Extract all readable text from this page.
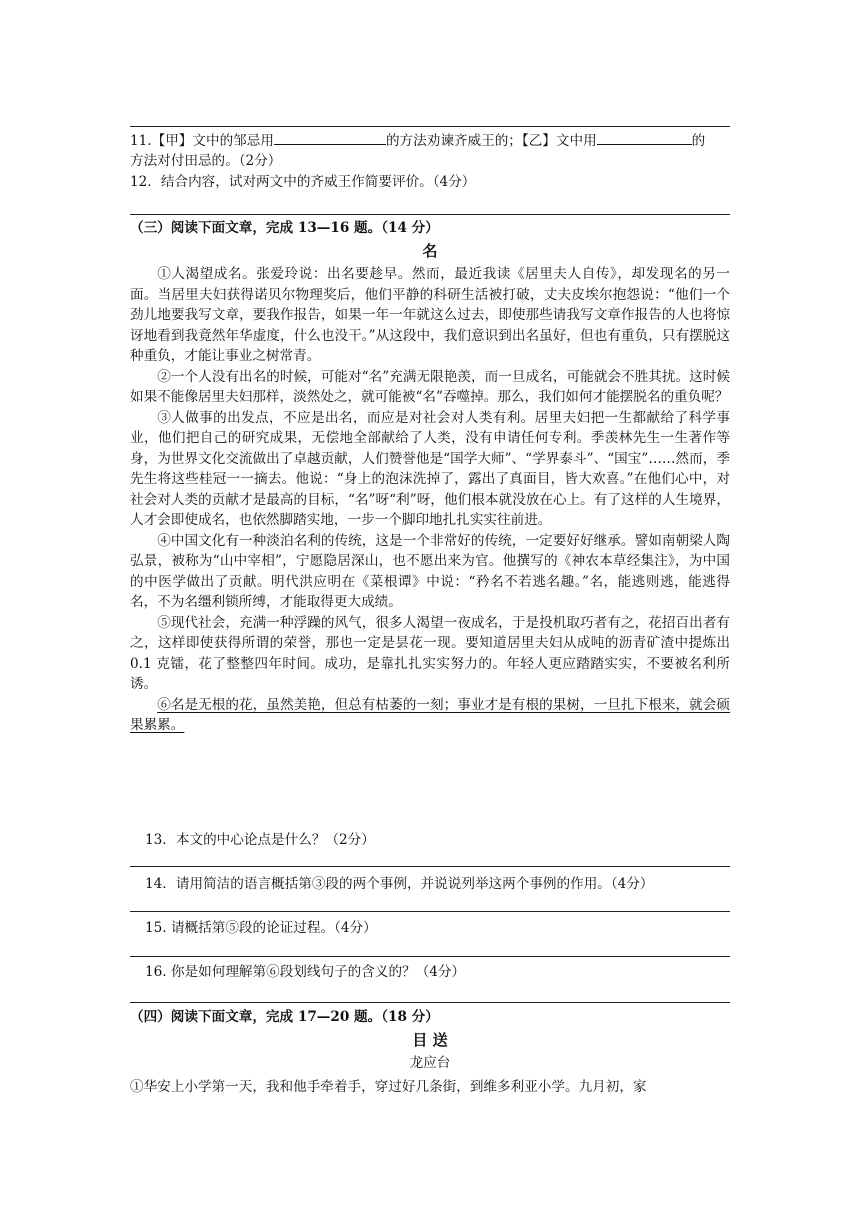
11.【甲】文中的邹忌用	的方法劝谏齐威王的；【乙】文中用	的
方法对付田忌的。（2分）
12．结合内容，试对两文中的齐威王作简要评价。（4分）
（三）阅读下面文章，完成 13—16 题。（14 分）
名

①人渴望成名。张爱玲说：出名要趁早。然而，最近我读《居里夫人自传》，却发现名的另一面。当居里夫妇获得诺贝尔物理奖后，他们平静的科研生活被打破，丈夫皮埃尔抱怨说：“他们一个劲儿地要我写文章，要我作报告，如果一年一年就这么过去，即使那些请我写文章作报告的人也将惊讶地看到我竟然年华虚度，什么也没干。”从这段中，我们意识到出名虽好，但也有重负，只有摆脱这种重负，才能让事业之树常青。

②一个人没有出名的时候，可能对“名”充满无限艳羡，而一旦成名，可能就会不胜其扰。这时候如果不能像居里夫妇那样，淡然处之，就可能被“名”吞噬掉。那么，我们如何才能摆脱名的重负呢？

③人做事的出发点，不应是出名，而应是对社会对人类有利。居里夫妇把一生都献给了科学事业，他们把自己的研究成果，无偿地全部献给了人类，没有申请任何专利。季羡林先生一生著作等身，为世界文化交流做出了卓越贡献，人们赞誉他是“国学大师”、“学界泰斗”、“国宝”……然而，季先生将这些桂冠一一摘去。他说：“身上的泡沫洗掉了，露出了真面目，皆大欢喜。”在他们心中，对社会对人类的贡献才是最高的目标，“名”呀“利”呀，他们根本就没放在心上。有了这样的人生境界，人才会即使成名，也依然脚踏实地，一步一个脚印地扎扎实实往前进。

④中国文化有一种淡泊名利的传统，这是一个非常好的传统，一定要好好继承。譬如南朝梁人陶弘景，被称为“山中宰相”，宁愿隐居深山，也不愿出来为官。他撰写的《神农本草经集注》，为中国的中医学做出了贡献。明代洪应明在《菜根谭》中说：“矜名不若逃名趣。”名，能逃则逃，能逃得名，不为名缰利锁所缚，才能取得更大成绩。

⑤现代社会，充满一种浮躁的风气，很多人渴望一夜成名，于是投机取巧者有之，花招百出者有之，这样即使获得所谓的荣誉，那也一定是昙花一现。要知道居里夫妇从成吨的沥青矿渣中提炼出 0.1 克镭，花了整整四年时间。成功，是靠扎扎实实努力的。年轻人更应踏踏实实，不要被名利所诱。

⑥名是无根的花，虽然美艳，但总有枯萎的一刻；事业才是有根的果树，一旦扎下根来，就会硕果累累。

13．本文的中心论点是什么？（2分）
14．请用简洁的语言概括第③段的两个事例，并说说列举这两个事例的作用。（4分）
15. 请概括第⑤段的论证过程。（4分）
16. 你是如何理解第⑥段划线句子的含义的？（4分）
（四）阅读下面文章，完成 17—20 题。（18 分）
目 送
龙应台
①华安上小学第一天，我和他手牵着手，穿过好几条街，到维多利亚小学。九月初，家
